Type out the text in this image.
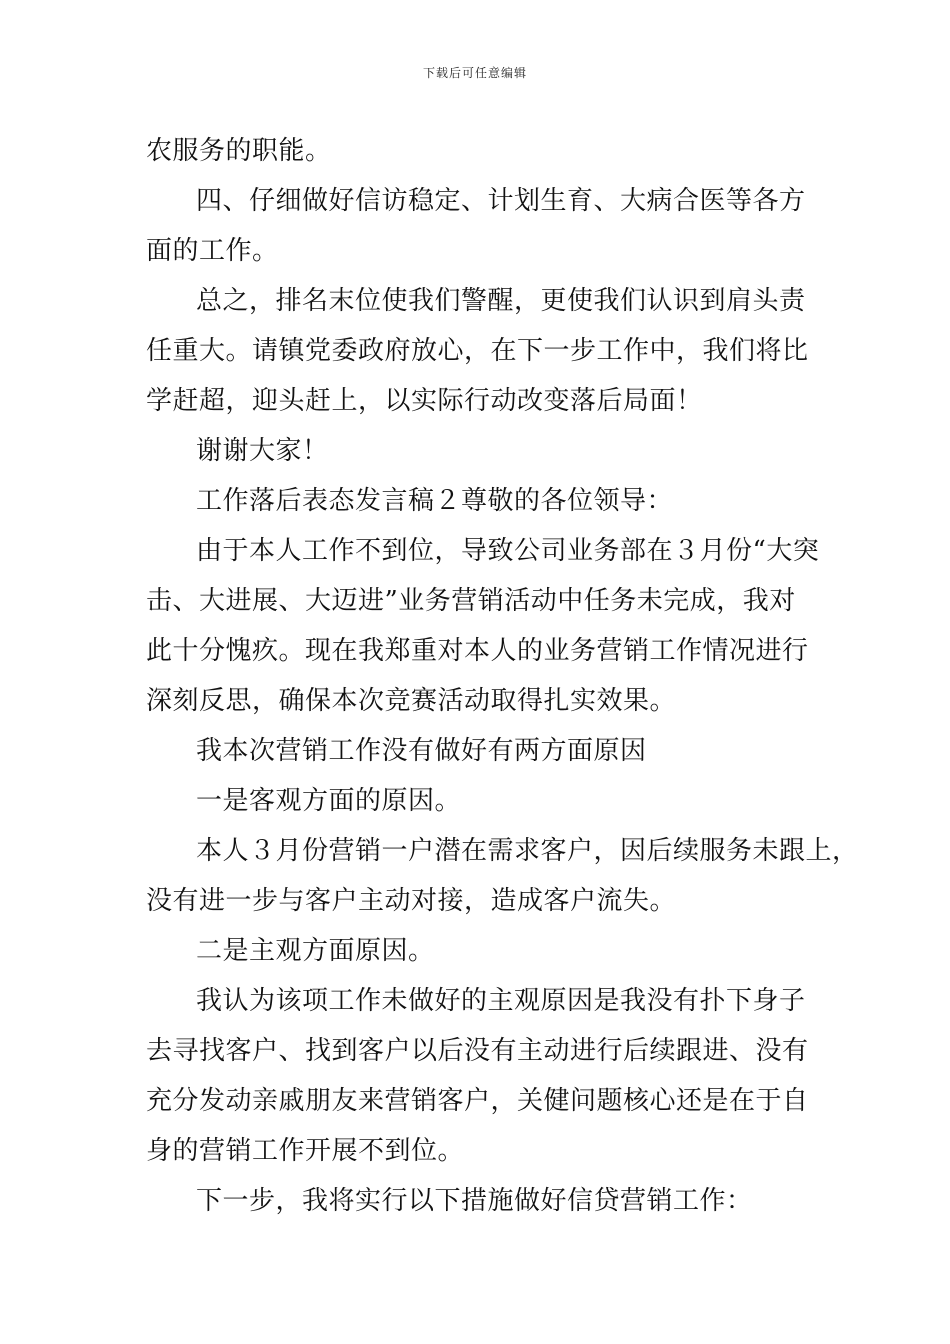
下载后可任意编辑
农服务的职能。
四、仔细做好信访稳定、计划生育、大病合医等各方
面的工作。
总之，排名末位使我们警醒，更使我们认识到肩头责
任重大。请镇党委政府放心，在下一步工作中，我们将比
学赶超，迎头赶上，以实际行动改变落后局面！
谢谢大家！
工作落后表态发言稿２尊敬的各位领导：
由于本人工作不到位，导致公司业务部在３月份“大突
击、大进展、大迈进”业务营销活动中任务未完成，我对
此十分愧疚。现在我郑重对本人的业务营销工作情况进行
深刻反思，确保本次竞赛活动取得扎实效果。
我本次营销工作没有做好有两方面原因
一是客观方面的原因。
本人３月份营销一户潜在需求客户，因后续服务未跟上，
没有进一步与客户主动对接，造成客户流失。
二是主观方面原因。
我认为该项工作未做好的主观原因是我没有扑下身子
去寻找客户、找到客户以后没有主动进行后续跟进、没有
充分发动亲戚朋友来营销客户，关健问题核心还是在于自
身的营销工作开展不到位。
下一步，我将实行以下措施做好信贷营销工作：
